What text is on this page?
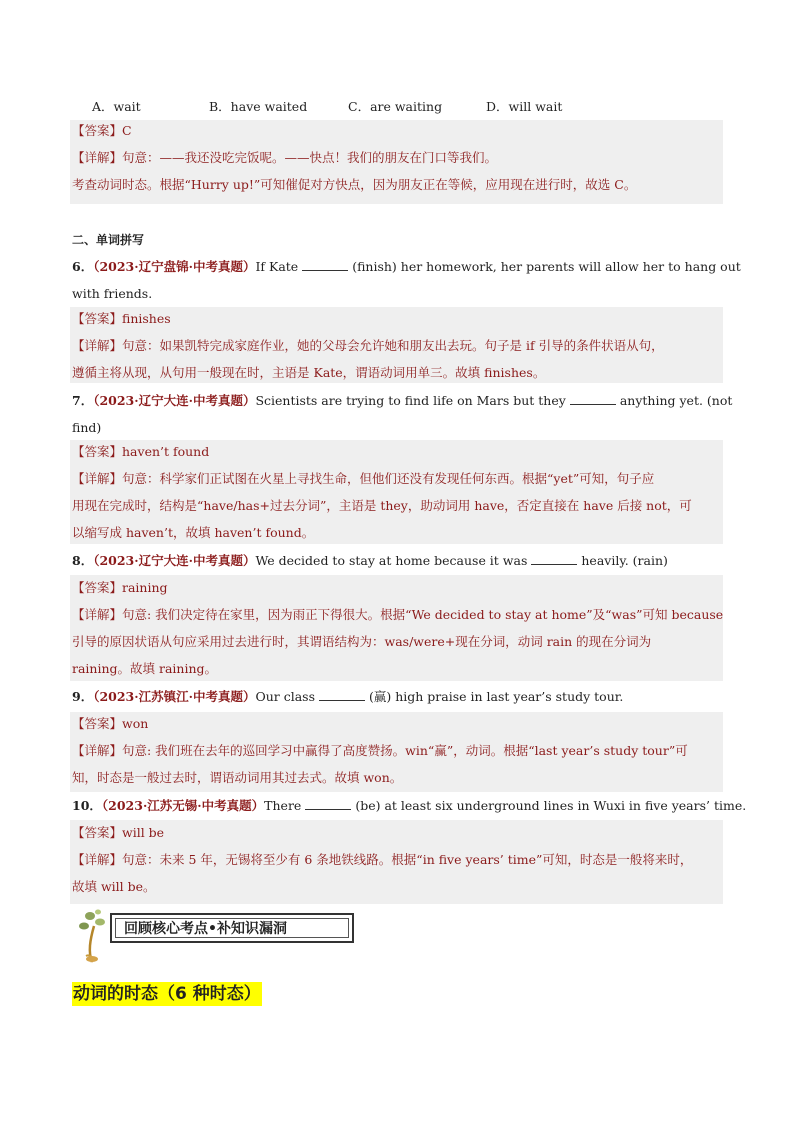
A．wait	B．have waited	C．are waiting	D．will wait
【答案】C
【详解】句意：——我还没吃完饭呢。——快点！我们的朋友在门口等我们。
考查动词时态。根据“Hurry up!”可知催促对方快点，因为朋友正在等候，应用现在进行时，故选 C。
二、单词拼写
6．（2023·辽宁盘锦·中考真题）If Kate	(finish) her homework, her parents will allow her to hang out
with friends.
【答案】finishes
【详解】句意：如果凯特完成家庭作业，她的父母会允许她和朋友出去玩。句子是 if 引导的条件状语从句，
遵循主将从现，从句用一般现在时，主语是 Kate，谓语动词用单三。故填 finishes。
7．（2023·辽宁大连·中考真题）Scientists are trying to find life on Mars but they	anything yet. (not
find)
【答案】haven’t found
【详解】句意：科学家们正试图在火星上寻找生命，但他们还没有发现任何东西。根据“yet”可知，句子应
用现在完成时，结构是“have/has+过去分词”，主语是 they，助动词用 have，否定直接在 have 后接 not，可
以缩写成 haven’t，故填 haven’t found。
8．（2023·辽宁大连·中考真题）We decided to stay at home because it was	heavily. (rain)
【答案】raining
【详解】句意: 我们决定待在家里，因为雨正下得很大。根据“We decided to stay at home”及“was”可知 because
引导的原因状语从句应采用过去进行时，其谓语结构为：was/were+现在分词，动词 rain 的现在分词为
raining。故填 raining。
9．（2023·江苏镇江·中考真题）Our class	(赢) high praise in last year’s study tour.
【答案】won
【详解】句意: 我们班在去年的巡回学习中赢得了高度赞扬。win“赢”，动词。根据“last year’s study tour”可
知，时态是一般过去时，谓语动词用其过去式。故填 won。
10．（2023·江苏无锡·中考真题）There	(be) at least six underground lines in Wuxi in five years’ time.
【答案】will be
【详解】句意：未来 5 年，无锡将至少有 6 条地铁线路。根据“in five years’ time”可知，时态是一般将来时，
故填 will be。
回顾核心考点•补知识漏洞
动词的时态（6 种时态）
